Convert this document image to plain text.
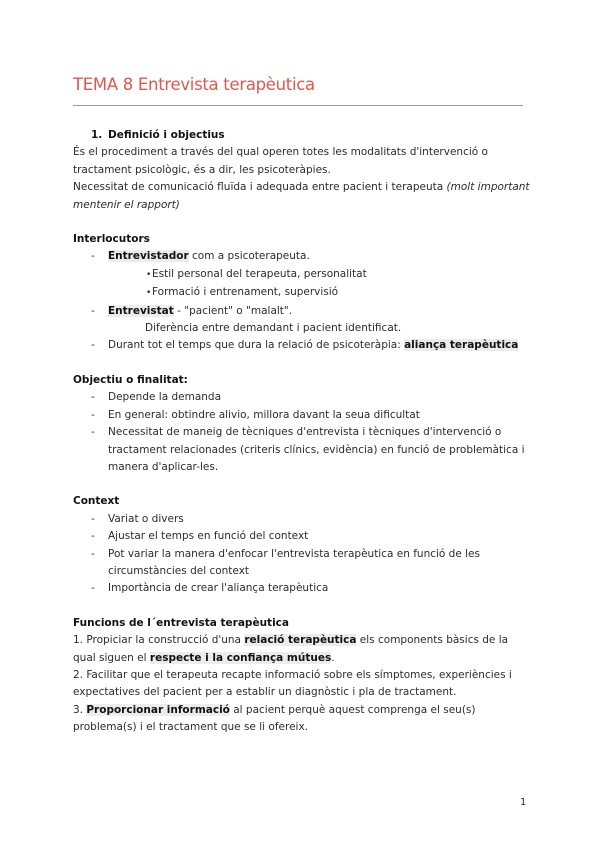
TEMA 8 Entrevista terapèutica

1. Definició i objectius

És el procediment a través del qual operen totes les modalitats d'intervenció o tractament psicològic, és a dir, les psicoteràpies.

Necessitat de comunicació fluïda i adequada entre pacient i terapeuta (molt important mentenir el rapport)

Interlocutors

- Entrevistador com a psicoterapeuta.

•Estil personal del terapeuta, personalitat

•Formació i entrenament, supervisió

- Entrevistat - "pacient" o "malalt".

Diferència entre demandant i pacient identificat.

- Durant tot el temps que dura la relació de psicoteràpia: aliança terapèutica

Objectiu o finalitat:

- Depende la demanda
- En general: obtindre alivio, millora davant la seua dificultat
- Necessitat de maneig de tècniques d'entrevista i tècniques d'intervenció o tractament relacionades (criteris clínics, evidència) en funció de problemàtica i manera d'aplicar-les.

Context

- Variat o divers
- Ajustar el temps en funció del context
- Pot variar la manera d'enfocar l'entrevista terapèutica en funció de les circumstàncies del context
- Importància de crear l'aliança terapèutica

Funcions de l´entrevista terapèutica

1. Propiciar la construcció d'una relació terapèutica els components bàsics de la qual siguen el respecte i la confiança mútues.

2. Facilitar que el terapeuta recapte informació sobre els símptomes, experiències i expectatives del pacient per a establir un diagnòstic i pla de tractament.

3. Proporcionar informació al pacient perquè aquest comprenga el seu(s) problema(s) i el tractament que se li ofereix.

1
